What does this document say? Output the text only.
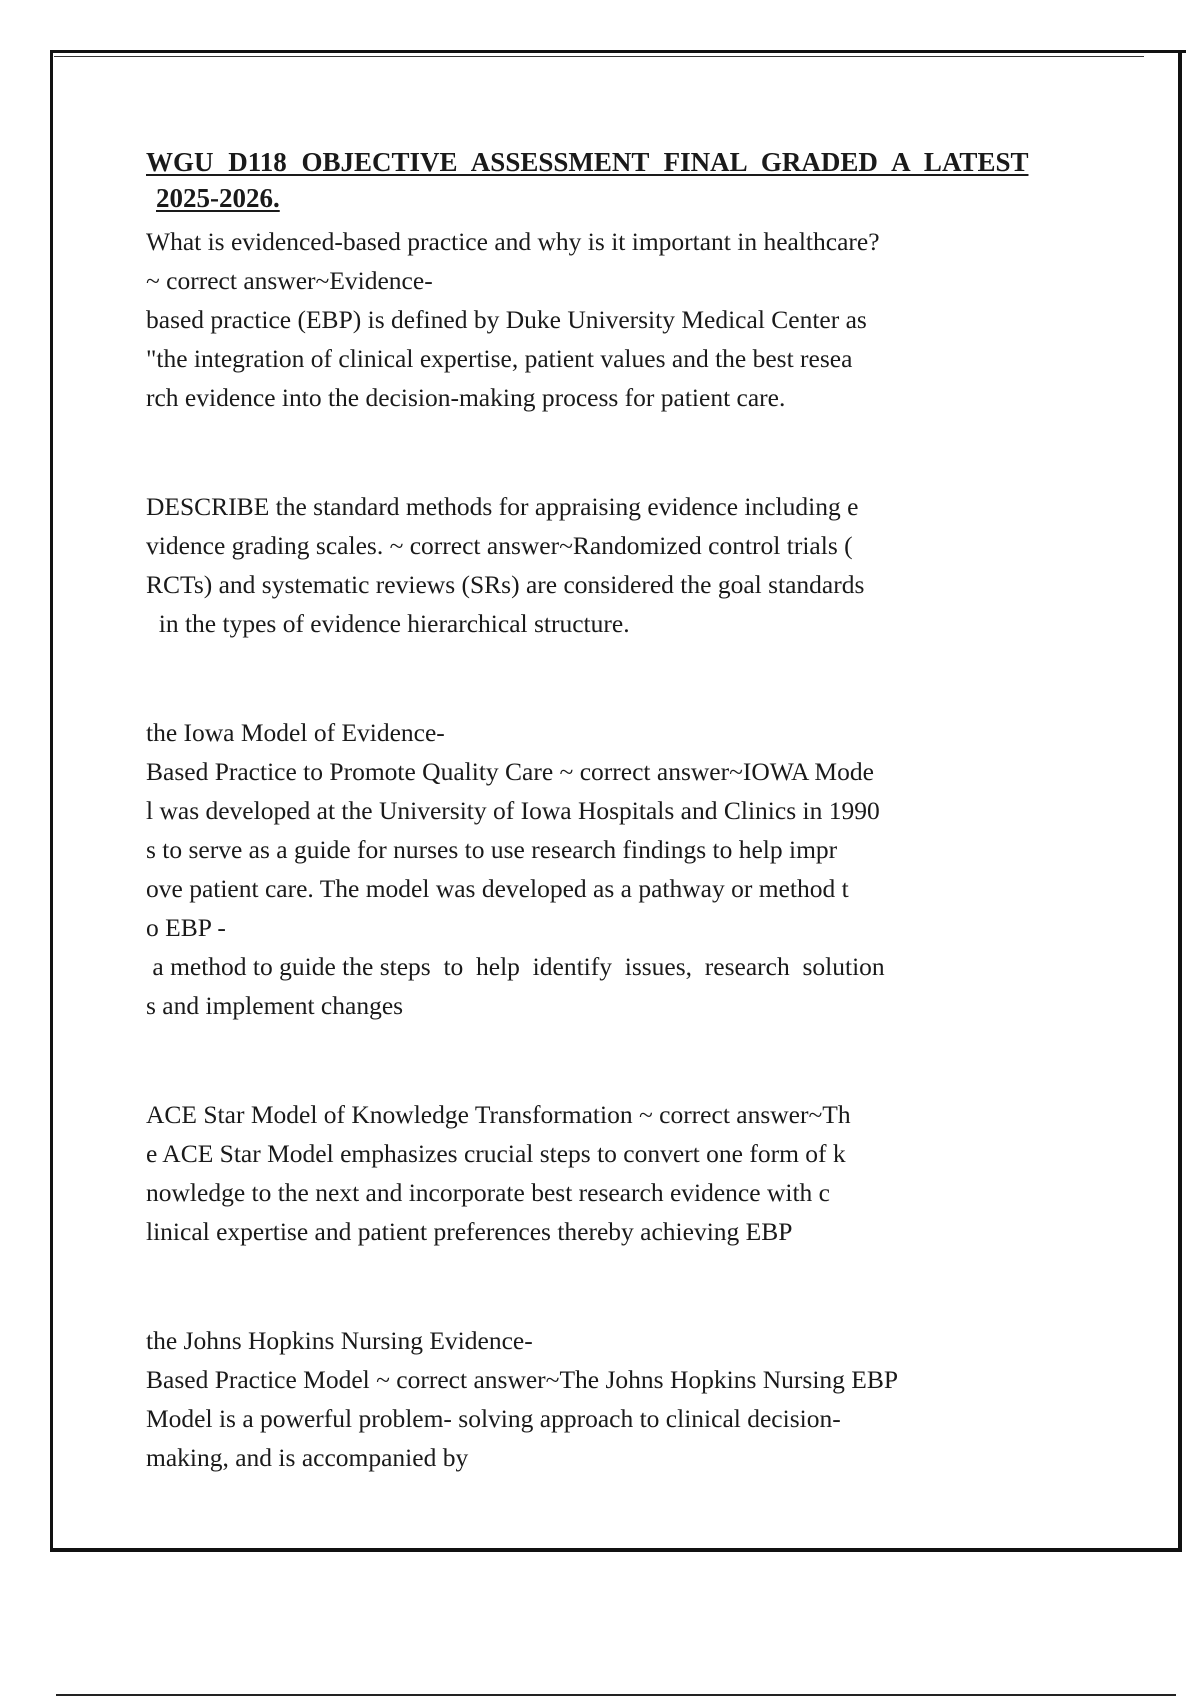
WGU D118 OBJECTIVE ASSESSMENT FINAL GRADED A LATEST
2025-2026.
What is evidenced-based practice and why is it important in healthcare?
~ correct answer~Evidence-
based practice (EBP) is defined by Duke University Medical Center as
"the integration of clinical expertise, patient values and the best resea
rch evidence into the decision-making process for patient care.
DESCRIBE the standard methods for appraising evidence including e
vidence grading scales. ~ correct answer~Randomized control trials (
RCTs) and systematic reviews (SRs) are considered the goal standards
in the types of evidence hierarchical structure.
the Iowa Model of Evidence-
Based Practice to Promote Quality Care ~ correct answer~IOWA Mode
l was developed at the University of Iowa Hospitals and Clinics in 1990
s to serve as a guide for nurses to use research findings to help impr
ove patient care. The model was developed as a pathway or method t
o EBP -
a method to guide the steps  to  help  identify  issues,  research  solution
s and implement changes
ACE Star Model of Knowledge Transformation ~ correct answer~Th
e ACE Star Model emphasizes crucial steps to convert one form of k
nowledge to the next and incorporate best research evidence with c
linical expertise and patient preferences thereby achieving EBP
the Johns Hopkins Nursing Evidence-
Based Practice Model ~ correct answer~The Johns Hopkins Nursing EBP
Model is a powerful problem- solving approach to clinical decision-
making, and is accompanied by
